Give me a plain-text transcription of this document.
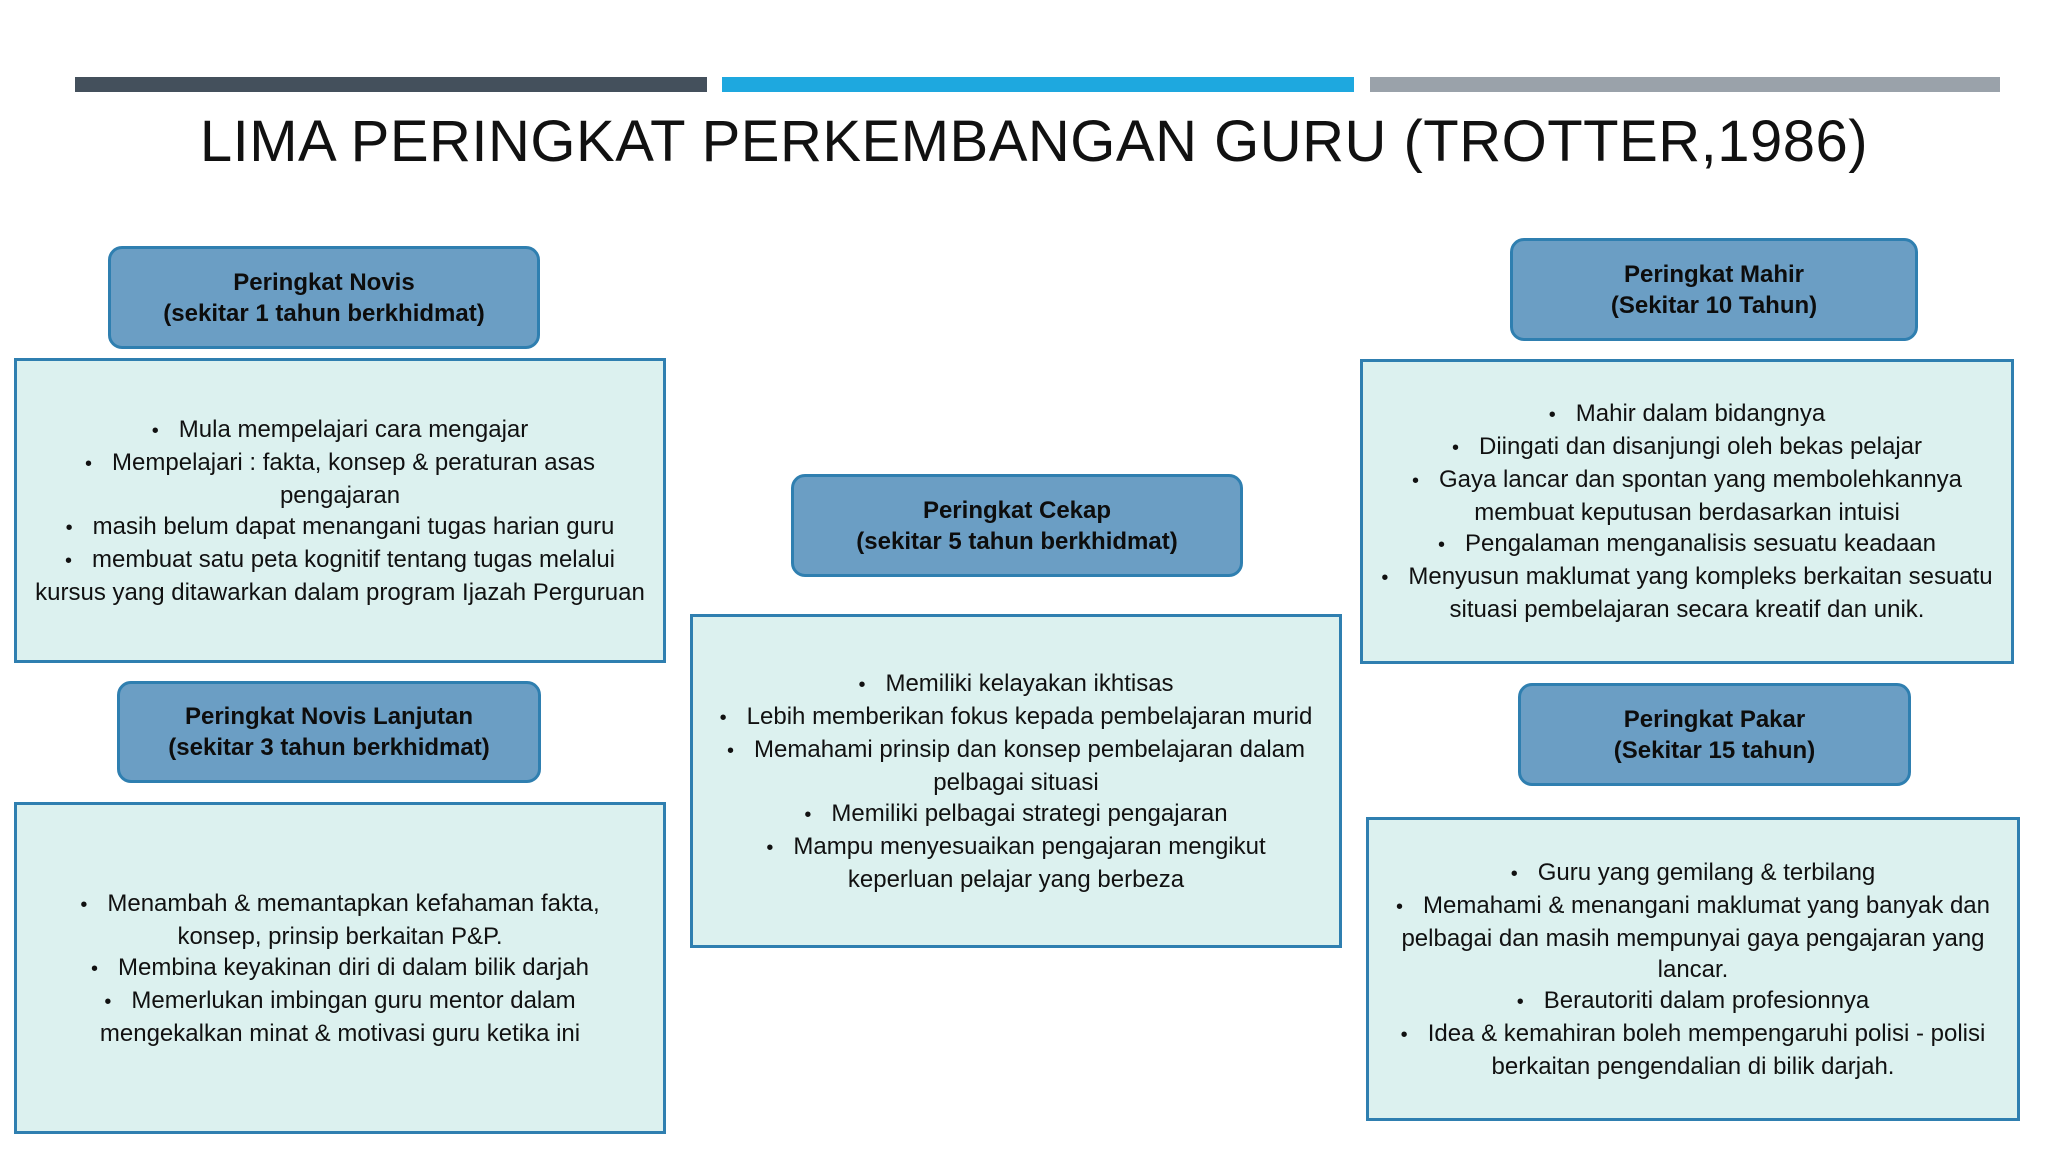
LIMA PERINGKAT PERKEMBANGAN GURU (TROTTER,1986)
Peringkat Novis
(sekitar 1 tahun berkhidmat)
• Mula mempelajari cara mengajar
• Mempelajari : fakta, konsep & peraturan asas pengajaran
• masih belum dapat menangani tugas harian guru
• membuat satu peta kognitif tentang tugas melalui kursus yang ditawarkan dalam program Ijazah Perguruan
Peringkat Novis Lanjutan
(sekitar 3 tahun berkhidmat)
• Menambah & memantapkan kefahaman fakta, konsep, prinsip berkaitan P&P.
• Membina keyakinan diri di dalam bilik darjah
• Memerlukan imbingan guru mentor dalam mengekalkan minat & motivasi guru ketika ini
Peringkat Cekap
(sekitar 5 tahun berkhidmat)
• Memiliki kelayakan ikhtisas
• Lebih memberikan fokus kepada pembelajaran murid
• Memahami prinsip dan konsep pembelajaran dalam pelbagai situasi
• Memiliki pelbagai strategi pengajaran
• Mampu menyesuaikan pengajaran mengikut keperluan pelajar yang berbeza
Peringkat Mahir
(Sekitar 10 Tahun)
• Mahir dalam bidangnya
• Diingati dan disanjungi oleh bekas pelajar
• Gaya lancar dan spontan yang membolehkannya membuat keputusan berdasarkan intuisi
• Pengalaman menganalisis sesuatu keadaan
• Menyusun maklumat yang kompleks berkaitan sesuatu situasi pembelajaran secara kreatif dan unik.
Peringkat Pakar
(Sekitar 15 tahun)
• Guru yang gemilang & terbilang
• Memahami & menangani maklumat yang banyak dan pelbagai dan masih mempunyai gaya pengajaran yang lancar.
• Berautoriti dalam profesionnya
• Idea & kemahiran boleh mempengaruhi polisi - polisi berkaitan pengendalian di bilik darjah.
